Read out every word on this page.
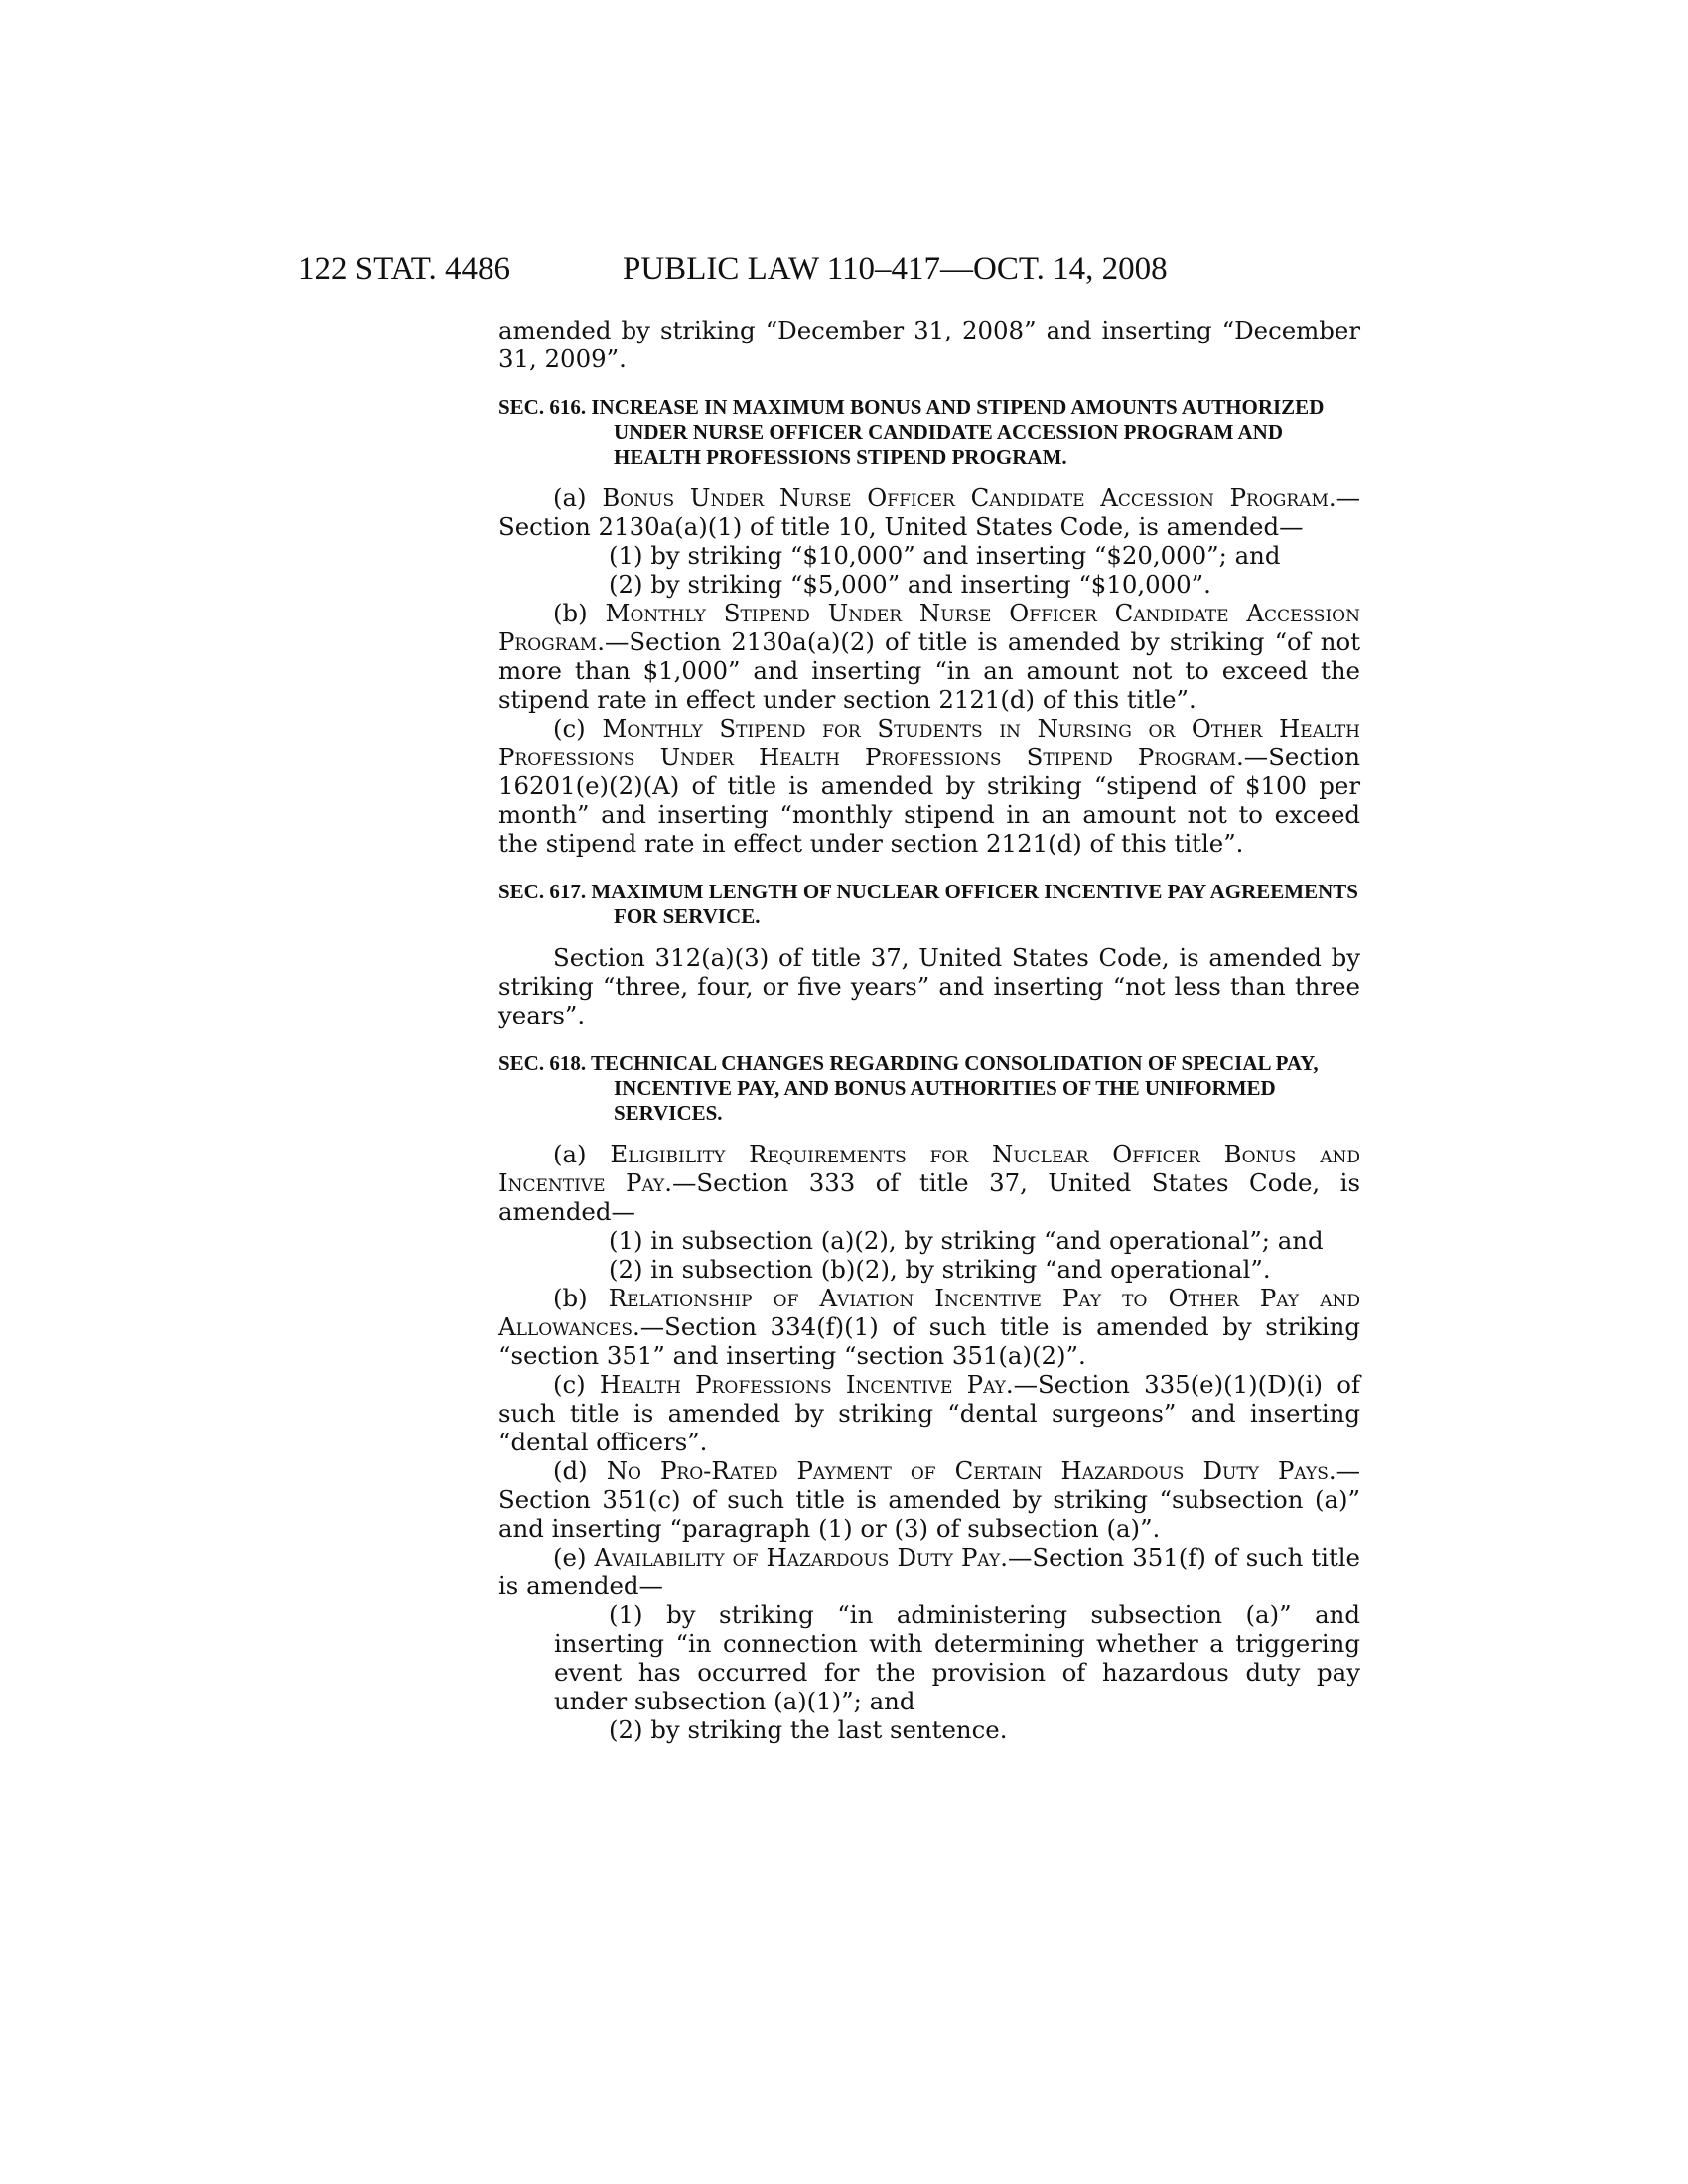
122 STAT. 4486	PUBLIC LAW 110–417—OCT. 14, 2008

amended by striking “December 31, 2008” and inserting “December 31, 2009”.

SEC. 616. INCREASE IN MAXIMUM BONUS AND STIPEND AMOUNTS AUTHORIZED UNDER NURSE OFFICER CANDIDATE ACCESSION PROGRAM AND HEALTH PROFESSIONS STIPEND PROGRAM.

(a) Bonus Under Nurse Officer Candidate Accession Program.—Section 2130a(a)(1) of title 10, United States Code, is amended—

(1) by striking “$10,000” and inserting “$20,000”; and

(2) by striking “$5,000” and inserting “$10,000”.

(b) Monthly Stipend Under Nurse Officer Candidate Accession Program.—Section 2130a(a)(2) of title is amended by striking “of not more than $1,000” and inserting “in an amount not to exceed the stipend rate in effect under section 2121(d) of this title”.

(c) Monthly Stipend for Students in Nursing or Other Health Professions Under Health Professions Stipend Program.—Section 16201(e)(2)(A) of title is amended by striking “stipend of $100 per month” and inserting “monthly stipend in an amount not to exceed the stipend rate in effect under section 2121(d) of this title”.

SEC. 617. MAXIMUM LENGTH OF NUCLEAR OFFICER INCENTIVE PAY AGREEMENTS FOR SERVICE.

Section 312(a)(3) of title 37, United States Code, is amended by striking “three, four, or five years” and inserting “not less than three years”.

SEC. 618. TECHNICAL CHANGES REGARDING CONSOLIDATION OF SPECIAL PAY, INCENTIVE PAY, AND BONUS AUTHORITIES OF THE UNIFORMED SERVICES.

(a) Eligibility Requirements for Nuclear Officer Bonus and Incentive Pay.—Section 333 of title 37, United States Code, is amended—

(1) in subsection (a)(2), by striking “and operational”; and

(2) in subsection (b)(2), by striking “and operational”.

(b) Relationship of Aviation Incentive Pay to Other Pay and Allowances.—Section 334(f)(1) of such title is amended by striking “section 351” and inserting “section 351(a)(2)”.

(c) Health Professions Incentive Pay.—Section 335(e)(1)(D)(i) of such title is amended by striking “dental surgeons” and inserting “dental officers”.

(d) No Pro-Rated Payment of Certain Hazardous Duty Pays.—Section 351(c) of such title is amended by striking “subsection (a)” and inserting “paragraph (1) or (3) of subsection (a)”.

(e) Availability of Hazardous Duty Pay.—Section 351(f) of such title is amended—

(1) by striking “in administering subsection (a)” and inserting “in connection with determining whether a triggering event has occurred for the provision of hazardous duty pay under subsection (a)(1)”; and

(2) by striking the last sentence.
